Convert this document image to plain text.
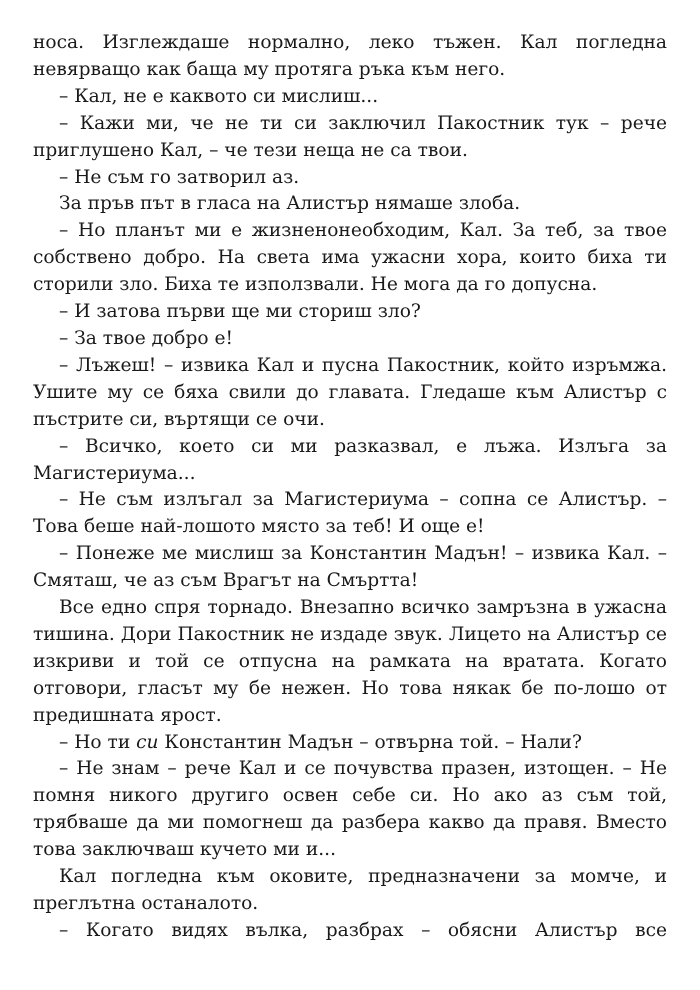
носа. Изглеждаше нормално, леко тъжен. Кал погледна невярващо как баща му протяга ръка към него.

– Кал, не е каквото си мислиш...

– Кажи ми, че не ти си заключил Пакостник тук – рече приглушено Кал, – че тези неща не са твои.

– Не съм го затворил аз.

За пръв път в гласа на Алистър нямаше злоба.

– Но планът ми е жизненонеобходим, Кал. За теб, за твое собствено добро. На света има ужасни хора, които биха ти сторили зло. Биха те използвали. Не мога да го допусна.

– И затова първи ще ми сториш зло?

– За твое добро е!

– Лъжеш! – извика Кал и пусна Пакостник, който изръмжа. Ушите му се бяха свили до главата. Гледаше към Алистър с пъстрите си, въртящи се очи.

– Всичко, което си ми разказвал, е лъжа. Излъга за Магистериума...

– Не съм излъгал за Магистериума – сопна се Алистър. – Това беше най-лошото място за теб! И още е!

– Понеже ме мислиш за Константин Мадън! – извика Кал. – Смяташ, че аз съм Врагът на Смъртта!

Все едно спря торнадо. Внезапно всичко замръзна в ужасна тишина. Дори Пакостник не издаде звук. Лицето на Алистър се изкриви и той се отпусна на рамката на вратата. Когато отговори, гласът му бе нежен. Но това някак бе по-лошо от предишната ярост.

– Но ти си Константин Мадън – отвърна той. – Нали?

– Не знам – рече Кал и се почувства празен, изтощен. – Не помня никого другиго освен себе си. Но ако аз съм той, трябваше да ми помогнеш да разбера какво да правя. Вместо това заключваш кучето ми и...

Кал погледна към оковите, предназначени за момче, и преглътна останалото.

– Когато видях вълка, разбрах – обясни Алистър все
